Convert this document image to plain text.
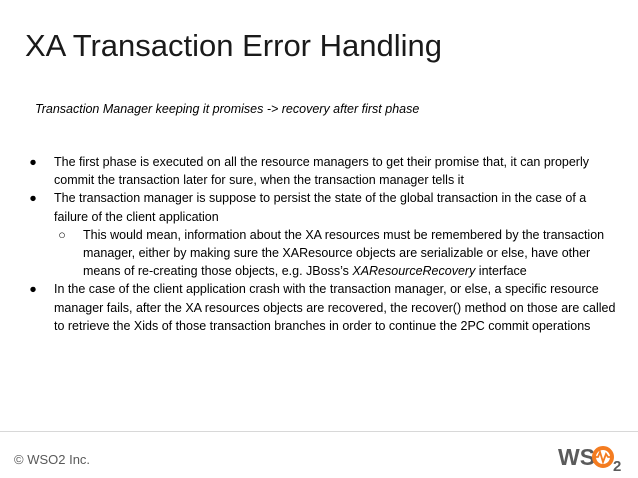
XA Transaction Error Handling
Transaction Manager keeping it promises -> recovery after first phase
● The first phase is executed on all the resource managers to get their promise that, it can properly commit the transaction later for sure, when the transaction manager tells it
● The transaction manager is suppose to persist the state of the global transaction in the case of a failure of the client application
○ This would mean, information about the XA resources must be remembered by the transaction manager, either by making sure the XAResource objects are serializable or else, have other means of re-creating those objects, e.g. JBoss’s XAResourceRecovery interface
● In the case of the client application crash with the transaction manager, or else, a specific resource manager fails, after the XA resources objects are recovered, the recover() method on those are called to retrieve the Xids of those transaction branches in order to continue the 2PC commit operations
© WSO2 Inc.	WS 2
